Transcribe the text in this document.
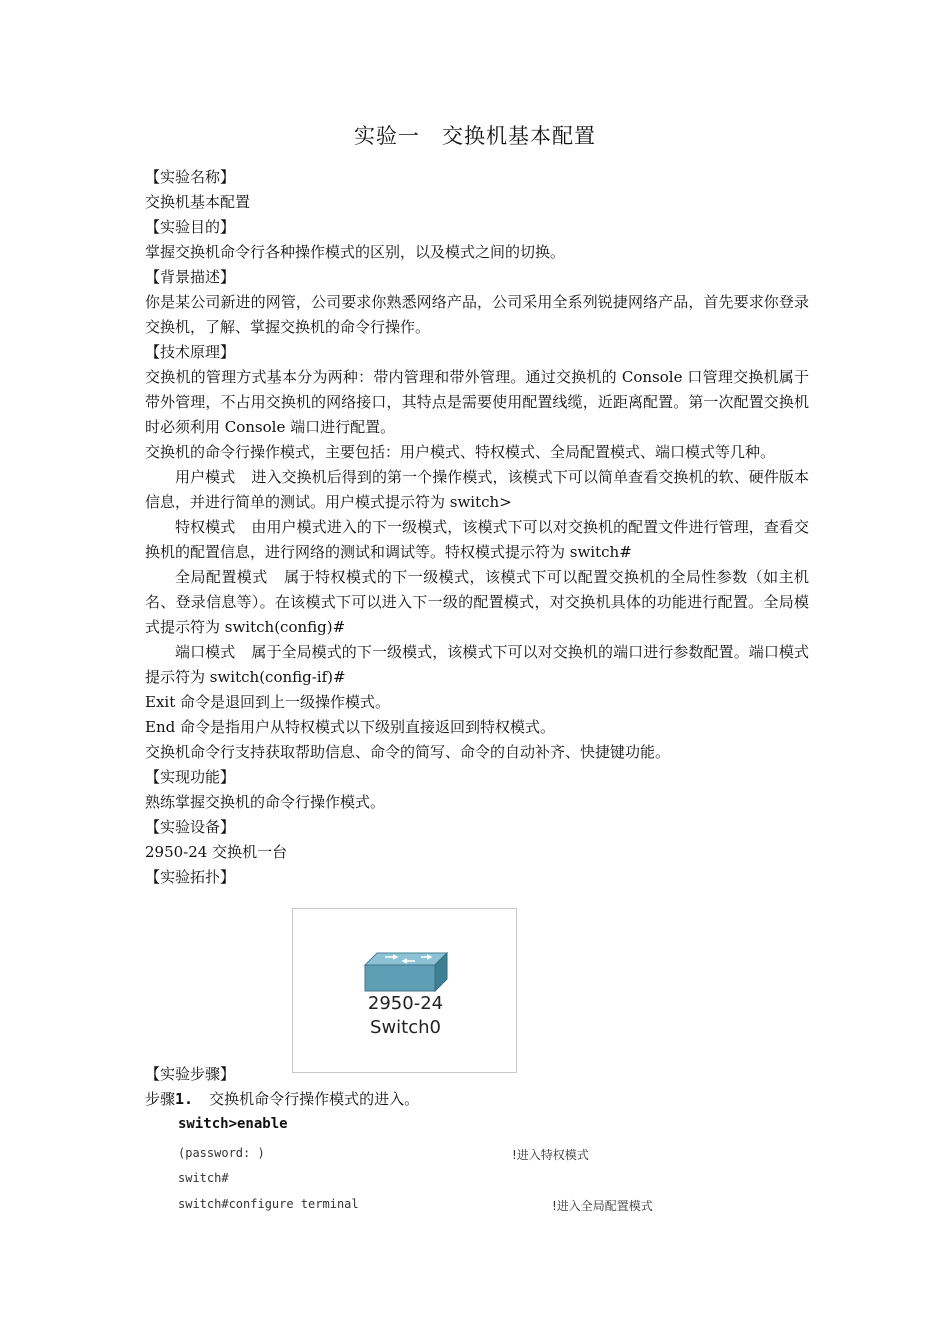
实验一　交换机基本配置

【实验名称】

交换机基本配置

【实验目的】

掌握交换机命令行各种操作模式的区别，以及模式之间的切换。

【背景描述】

你是某公司新进的网管，公司要求你熟悉网络产品，公司采用全系列锐捷网络产品，首先要求你登录交换机，了解、掌握交换机的命令行操作。

【技术原理】

交换机的管理方式基本分为两种：带内管理和带外管理。通过交换机的 Console 口管理交换机属于带外管理，不占用交换机的网络接口，其特点是需要使用配置线缆，近距离配置。第一次配置交换机时必须利用 Console 端口进行配置。

交换机的命令行操作模式，主要包括：用户模式、特权模式、全局配置模式、端口模式等几种。

用户模式 进入交换机后得到的第一个操作模式，该模式下可以简单查看交换机的软、硬件版本信息，并进行简单的测试。用户模式提示符为 switch>

特权模式 由用户模式进入的下一级模式，该模式下可以对交换机的配置文件进行管理，查看交换机的配置信息，进行网络的测试和调试等。特权模式提示符为 switch#

全局配置模式 属于特权模式的下一级模式，该模式下可以配置交换机的全局性参数（如主机名、登录信息等）。在该模式下可以进入下一级的配置模式，对交换机具体的功能进行配置。全局模式提示符为 switch(config)#

端口模式 属于全局模式的下一级模式，该模式下可以对交换机的端口进行参数配置。端口模式提示符为 switch(config-if)#

Exit 命令是退回到上一级操作模式。

End 命令是指用户从特权模式以下级别直接返回到特权模式。

交换机命令行支持获取帮助信息、命令的简写、命令的自动补齐、快捷键功能。

【实现功能】

熟练掌握交换机的命令行操作模式。

【实验设备】

2950-24 交换机一台

【实验拓扑】

2950-24
Switch0

【实验步骤】

步骤1. 交换机命令行操作模式的进入。

switch>enable
(password: )	!进入特权模式
switch#
switch#configure terminal	!进入全局配置模式
